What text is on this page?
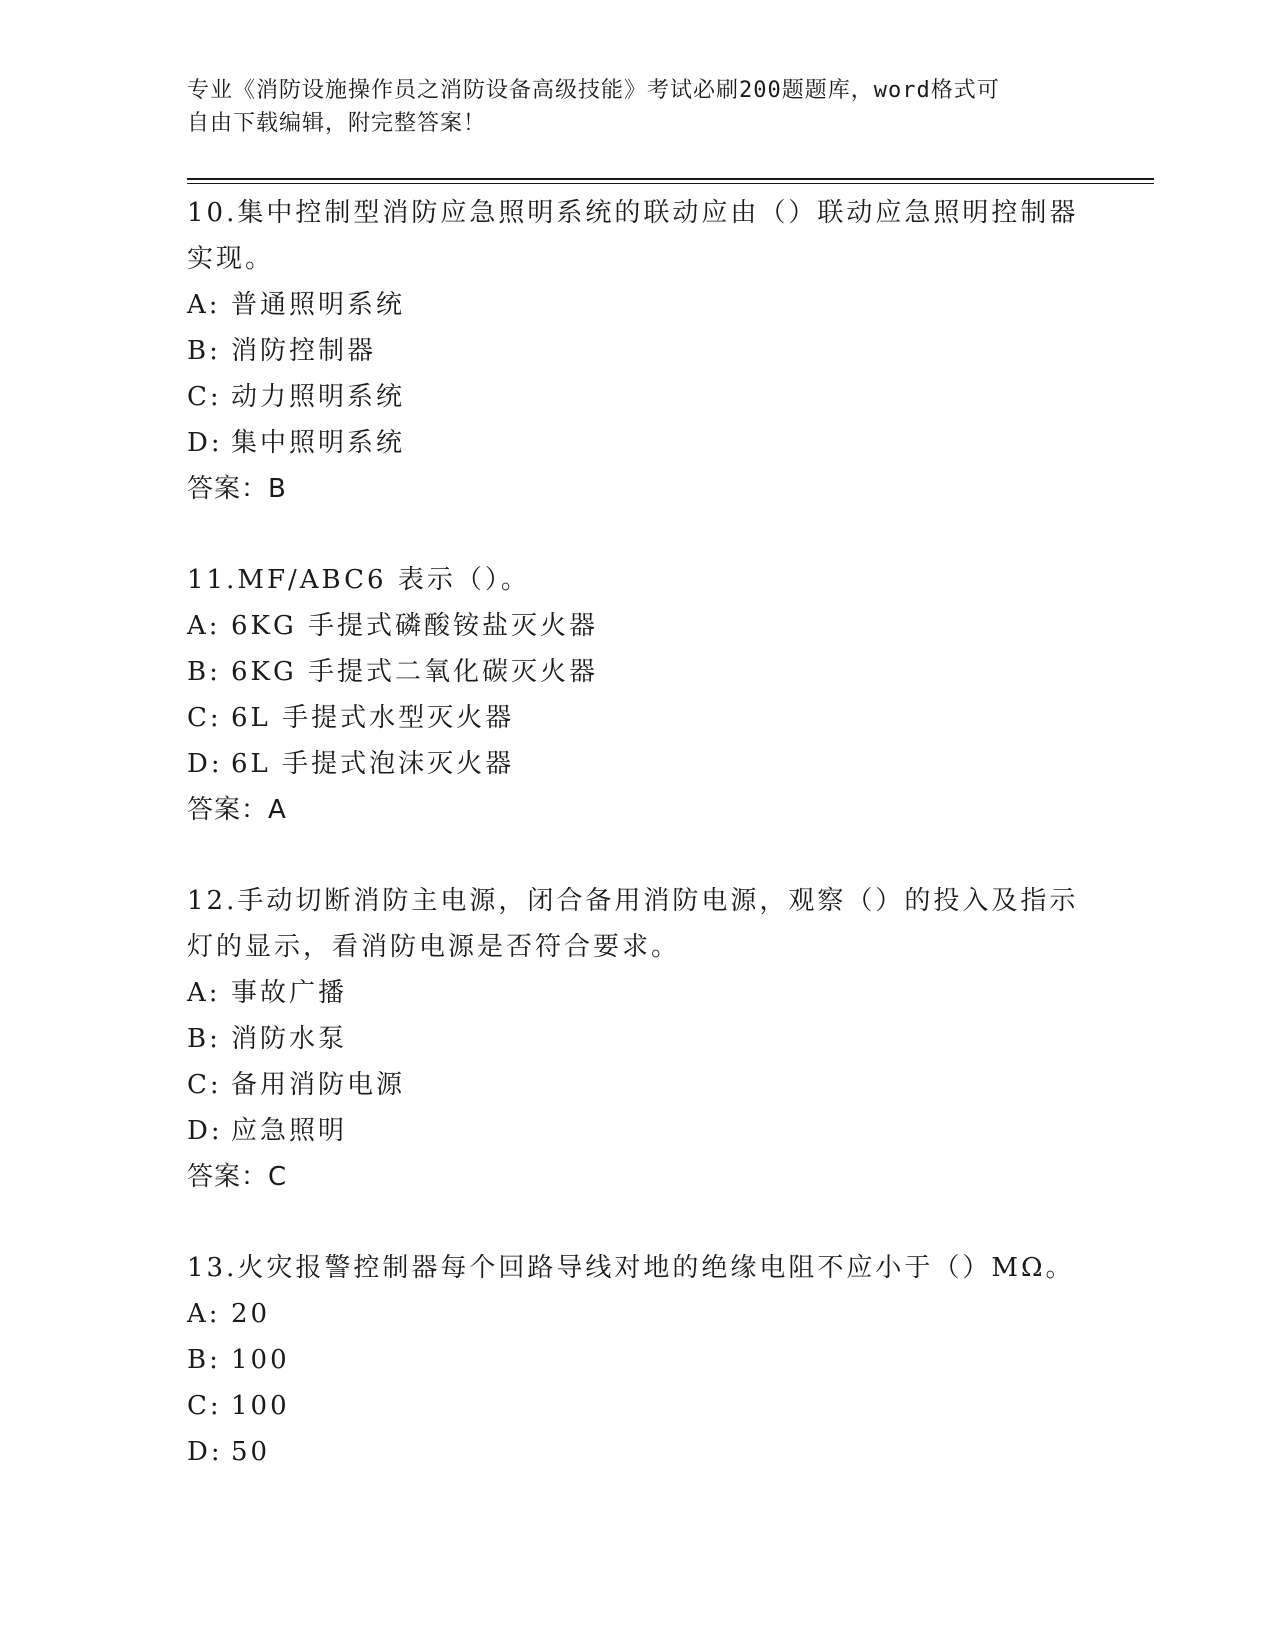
专业《消防设施操作员之消防设备高级技能》考试必刷200题题库，word格式可
自由下载编辑，附完整答案！

10.集中控制型消防应急照明系统的联动应由（）联动应急照明控制器

实现。

A: 普通照明系统

B: 消防控制器

C: 动力照明系统

D: 集中照明系统

答案：B

11.MF/ABC6 表示（）。

A: 6KG 手提式磷酸铵盐灭火器

B: 6KG 手提式二氧化碳灭火器

C: 6L 手提式水型灭火器

D: 6L 手提式泡沫灭火器

答案：A

12.手动切断消防主电源，闭合备用消防电源，观察（）的投入及指示

灯的显示，看消防电源是否符合要求。

A: 事故广播

B: 消防水泵

C: 备用消防电源

D: 应急照明

答案：C

13.火灾报警控制器每个回路导线对地的绝缘电阻不应小于（）MΩ。

A: 20

B: 100

C: 100

D: 50
